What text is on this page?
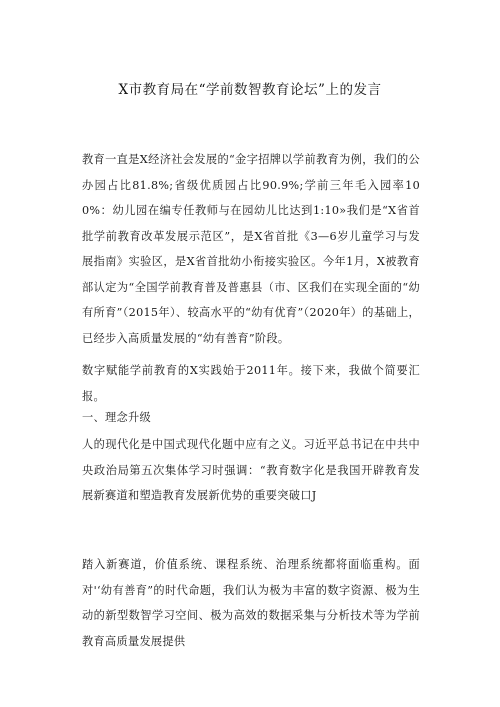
X市教育局在“学前数智教育论坛”上的发言

教育一直是X经济社会发展的“金字招牌以学前教育为例，我们的公办园占比81.8%;省级优质园占比90.9%;学前三年毛入园率100%：幼儿园在编专任教师与在园幼儿比达到1:10»我们是“X省首批学前教育改革发展示范区”，是X省首批《3—6岁儿童学习与发展指南》实验区，是X省首批幼小衔接实验区。今年1月，X被教育部认定为“全国学前教育普及普惠县（市、区我们在实现全面的“幼有所育”（2015年）、较高水平的“幼有优育”（2020年）的基础上，已经步入高质量发展的“幼有善育”阶段。

数字赋能学前教育的X实践始于2011年。接下来，我做个简要汇报。

一、理念升级

人的现代化是中国式现代化题中应有之义。习近平总书记在中共中央政治局第五次集体学习时强调：“教育数字化是我国开辟教育发展新赛道和塑造教育发展新优势的重要突破口J

踏入新赛道，价值系统、课程系统、治理系统都将面临重构。面对'‘幼有善育”的时代命题，我们认为极为丰富的数字资源、极为生动的新型数智学习空间、极为高效的数据采集与分析技术等为学前教育高质量发展提供
